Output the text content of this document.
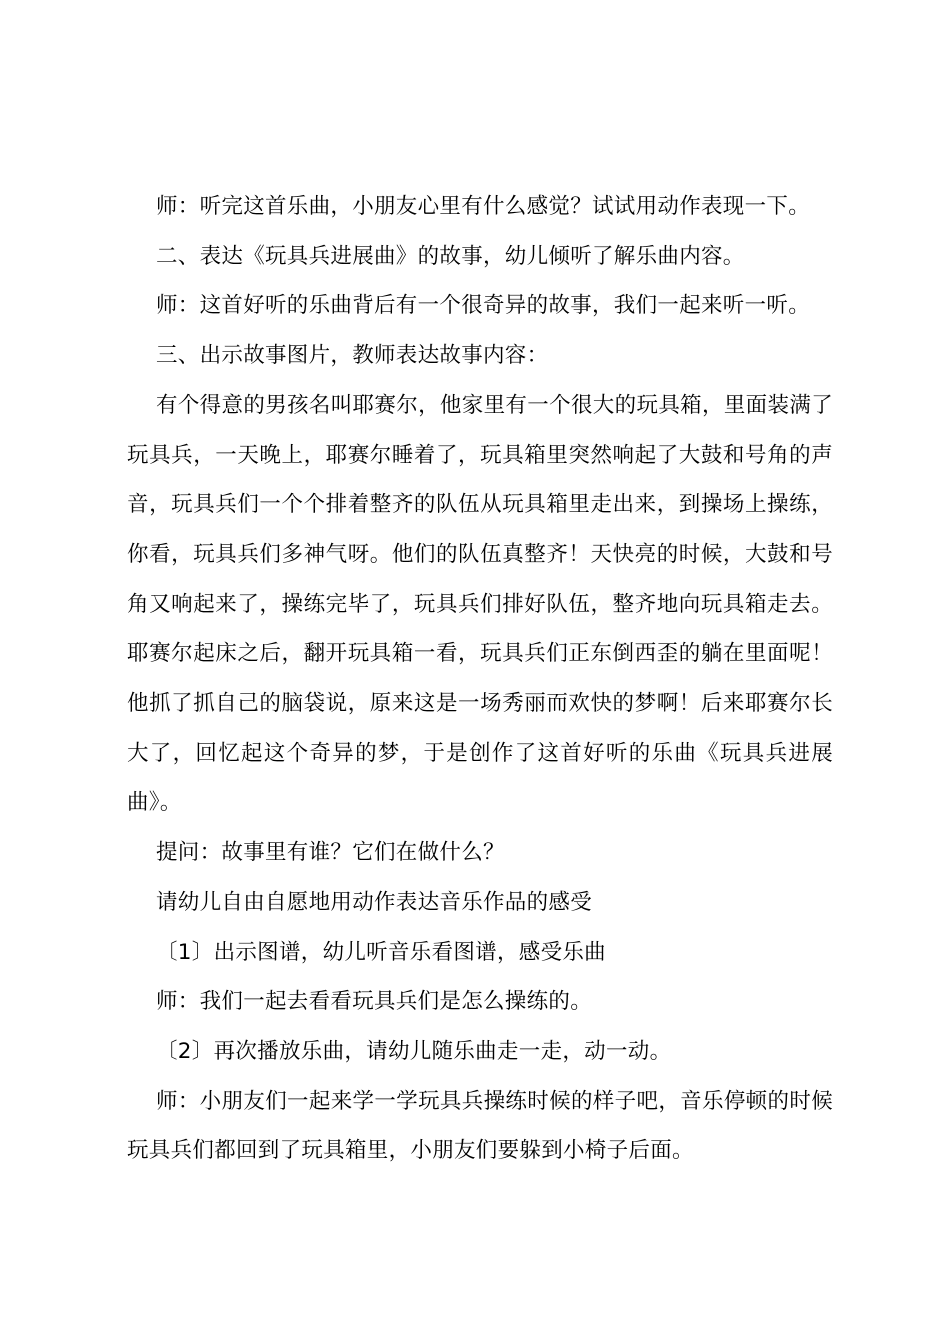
师：听完这首乐曲，小朋友心里有什么感觉？试试用动作表现一下。

二、表达《玩具兵进展曲》的故事，幼儿倾听了解乐曲内容。

师：这首好听的乐曲背后有一个很奇异的故事，我们一起来听一听。

三、出示故事图片，教师表达故事内容：

有个得意的男孩名叫耶赛尔，他家里有一个很大的玩具箱，里面装满了玩具兵，一天晚上，耶赛尔睡着了，玩具箱里突然响起了大鼓和号角的声音，玩具兵们一个个排着整齐的队伍从玩具箱里走出来，到操场上操练，你看，玩具兵们多神气呀。他们的队伍真整齐！天快亮的时候，大鼓和号角又响起来了，操练完毕了，玩具兵们排好队伍，整齐地向玩具箱走去。耶赛尔起床之后，翻开玩具箱一看，玩具兵们正东倒西歪的躺在里面呢！他抓了抓自己的脑袋说，原来这是一场秀丽而欢快的梦啊！后来耶赛尔长大了，回忆起这个奇异的梦，于是创作了这首好听的乐曲《玩具兵进展曲》。

提问：故事里有谁？它们在做什么？

请幼儿自由自愿地用动作表达音乐作品的感受

〔1〕出示图谱，幼儿听音乐看图谱，感受乐曲

师：我们一起去看看玩具兵们是怎么操练的。

〔2〕再次播放乐曲，请幼儿随乐曲走一走，动一动。

师：小朋友们一起来学一学玩具兵操练时候的样子吧，音乐停顿的时候玩具兵们都回到了玩具箱里，小朋友们要躲到小椅子后面。
